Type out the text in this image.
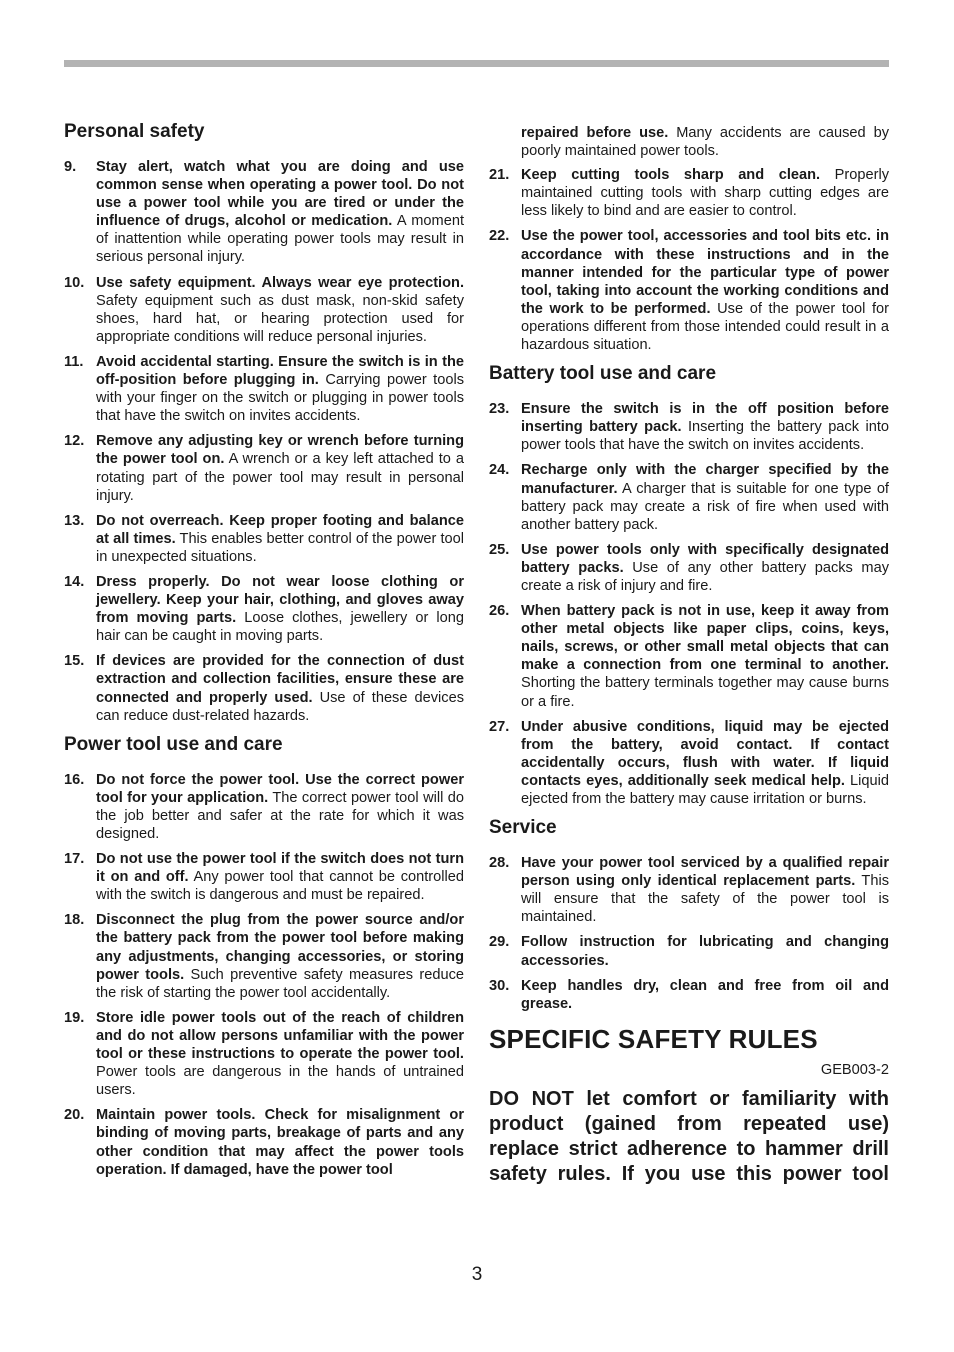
Personal safety
9.	Stay alert, watch what you are doing and use common sense when operating a power tool. Do not use a power tool while you are tired or under the influence of drugs, alcohol or medication. A moment of inattention while operating power tools may result in serious personal injury.
10. Use safety equipment. Always wear eye protection. Safety equipment such as dust mask, non-skid safety shoes, hard hat, or hearing protection used for appropriate conditions will reduce personal injuries.
11. Avoid accidental starting. Ensure the switch is in the off-position before plugging in. Carrying power tools with your finger on the switch or plugging in power tools that have the switch on invites accidents.
12. Remove any adjusting key or wrench before turning the power tool on. A wrench or a key left attached to a rotating part of the power tool may result in personal injury.
13. Do not overreach. Keep proper footing and balance at all times. This enables better control of the power tool in unexpected situations.
14. Dress properly. Do not wear loose clothing or jewellery. Keep your hair, clothing, and gloves away from moving parts. Loose clothes, jewellery or long hair can be caught in moving parts.
15. If devices are provided for the connection of dust extraction and collection facilities, ensure these are connected and properly used. Use of these devices can reduce dust-related hazards.
Power tool use and care
16. Do not force the power tool. Use the correct power tool for your application. The correct power tool will do the job better and safer at the rate for which it was designed.
17. Do not use the power tool if the switch does not turn it on and off. Any power tool that cannot be controlled with the switch is dangerous and must be repaired.
18. Disconnect the plug from the power source and/or the battery pack from the power tool before making any adjustments, changing accessories, or storing power tools. Such preventive safety measures reduce the risk of starting the power tool accidentally.
19. Store idle power tools out of the reach of children and do not allow persons unfamiliar with the power tool or these instructions to operate the power tool. Power tools are dangerous in the hands of untrained users.
20. Maintain power tools. Check for misalignment or binding of moving parts, breakage of parts and any other condition that may affect the power tools operation. If damaged, have the power tool
repaired before use. Many accidents are caused by poorly maintained power tools.
21. Keep cutting tools sharp and clean. Properly maintained cutting tools with sharp cutting edges are less likely to bind and are easier to control.
22. Use the power tool, accessories and tool bits etc. in accordance with these instructions and in the manner intended for the particular type of power tool, taking into account the working conditions and the work to be performed. Use of the power tool for operations different from those intended could result in a hazardous situation.
Battery tool use and care
23. Ensure the switch is in the off position before inserting battery pack. Inserting the battery pack into power tools that have the switch on invites accidents.
24. Recharge only with the charger specified by the manufacturer. A charger that is suitable for one type of battery pack may create a risk of fire when used with another battery pack.
25. Use power tools only with specifically designated battery packs. Use of any other battery packs may create a risk of injury and fire.
26. When battery pack is not in use, keep it away from other metal objects like paper clips, coins, keys, nails, screws, or other small metal objects that can make a connection from one terminal to another. Shorting the battery terminals together may cause burns or a fire.
27. Under abusive conditions, liquid may be ejected from the battery, avoid contact. If contact accidentally occurs, flush with water. If liquid contacts eyes, additionally seek medical help. Liquid ejected from the battery may cause irritation or burns.
Service
28. Have your power tool serviced by a qualified repair person using only identical replacement parts. This will ensure that the safety of the power tool is maintained.
29. Follow instruction for lubricating and changing accessories.
30. Keep handles dry, clean and free from oil and grease.
SPECIFIC SAFETY RULES
GEB003-2
DO NOT let comfort or familiarity with product (gained from repeated use) replace strict adherence to hammer drill safety rules. If you use this power tool
3
